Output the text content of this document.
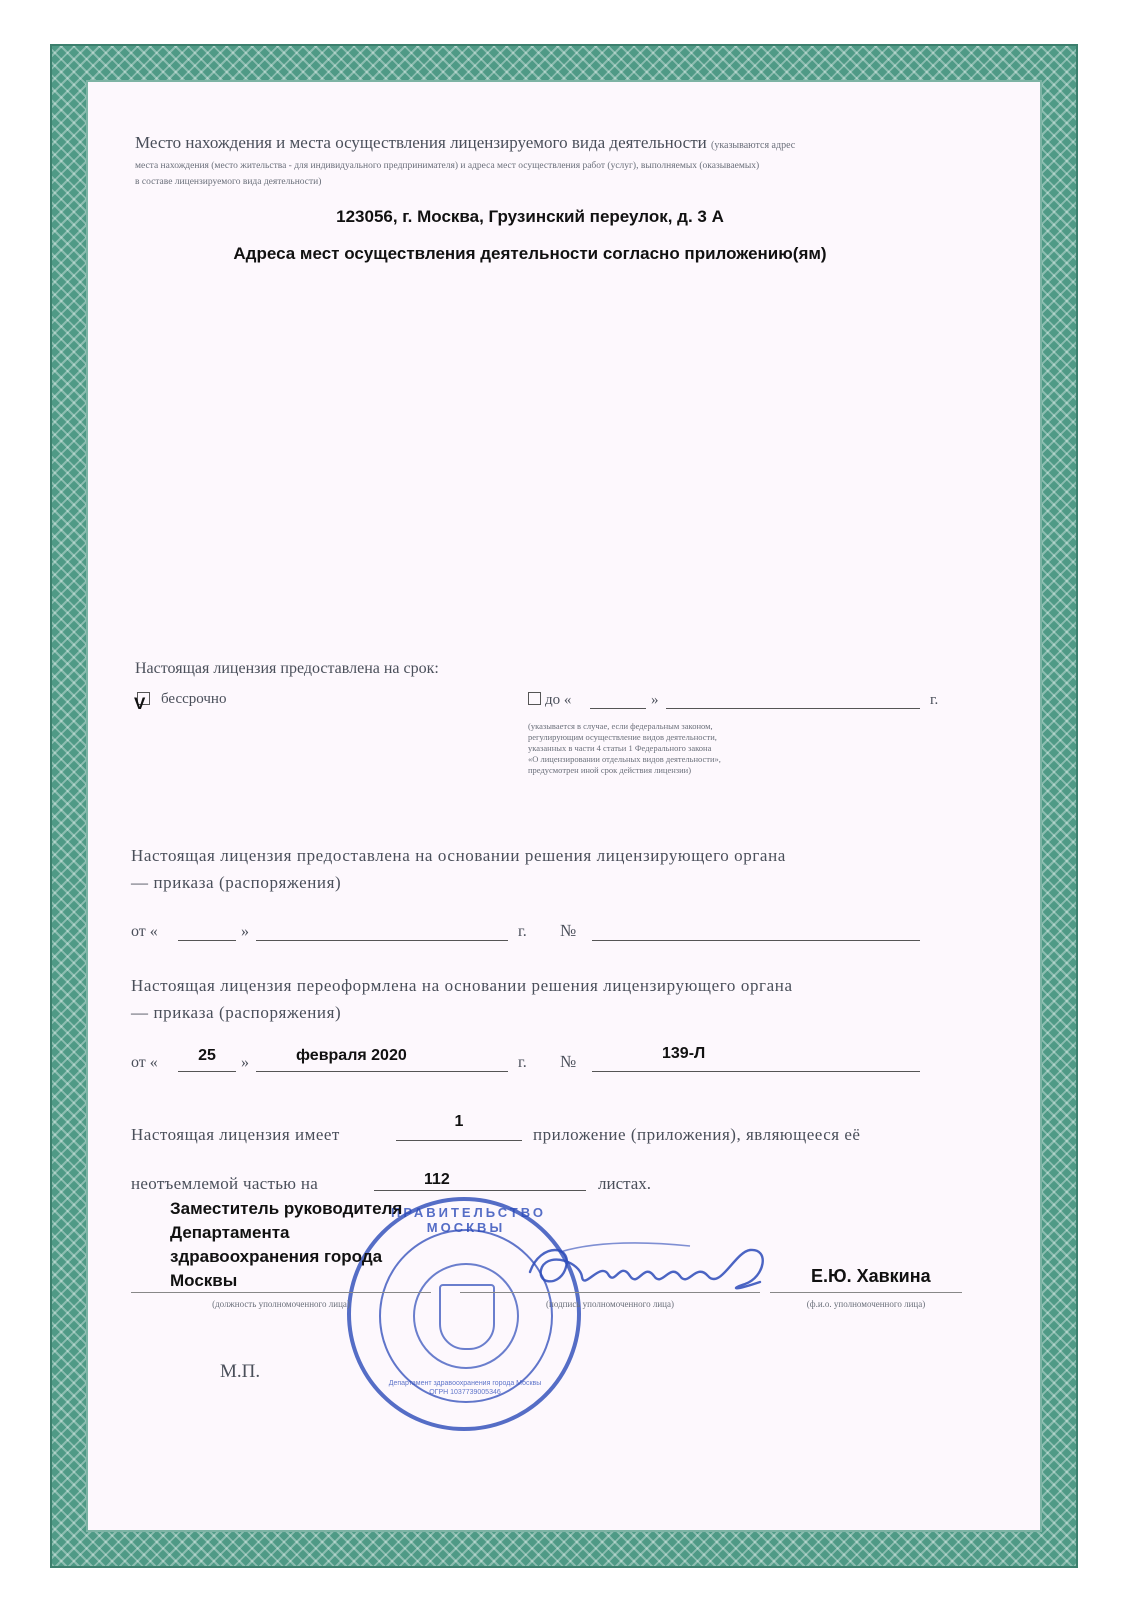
Место нахождения и места осуществления лицензируемого вида деятельности (указываются адрес
места нахождения (место жительства - для индивидуального предпринимателя) и адреса мест осуществления работ (услуг), выполняемых (оказываемых)
в составе лицензируемого вида деятельности)
123056, г. Москва, Грузинский переулок, д. 3 А
Адреса мест осуществления деятельности согласно приложению(ям)
Настоящая лицензия предоставлена на срок:
V бессрочно	до «	»	г.
(указывается в случае, если федеральным законом,
регулирующим осуществление видов деятельности,
указанных в части 4 статьи 1 Федерального закона
«О лицензировании отдельных видов деятельности»,
предусмотрен иной срок действия лицензии)
Настоящая лицензия предоставлена на основании решения лицензирующего органа
— приказа (распоряжения)
от «	»	г. №
Настоящая лицензия переоформлена на основании решения лицензирующего органа
— приказа (распоряжения)
от «	25	»	февраля 2020	г. №	139-Л
Настоящая лицензия имеет
1
приложение (приложения), являющееся её
неотъемлемой частью на	112	листах.
ПРАВИТЕЛЬСТВО МОСКВЫ
Департамент здравоохранения города Москвы ОГРН 1037739005346
Заместитель руководителя
Департамента
здравоохранения города
Москвы	Е.Ю. Хавкина
(должность уполномоченного лица)	(подпись уполномоченного лица)	(ф.и.о. уполномоченного лица)
М.П.
